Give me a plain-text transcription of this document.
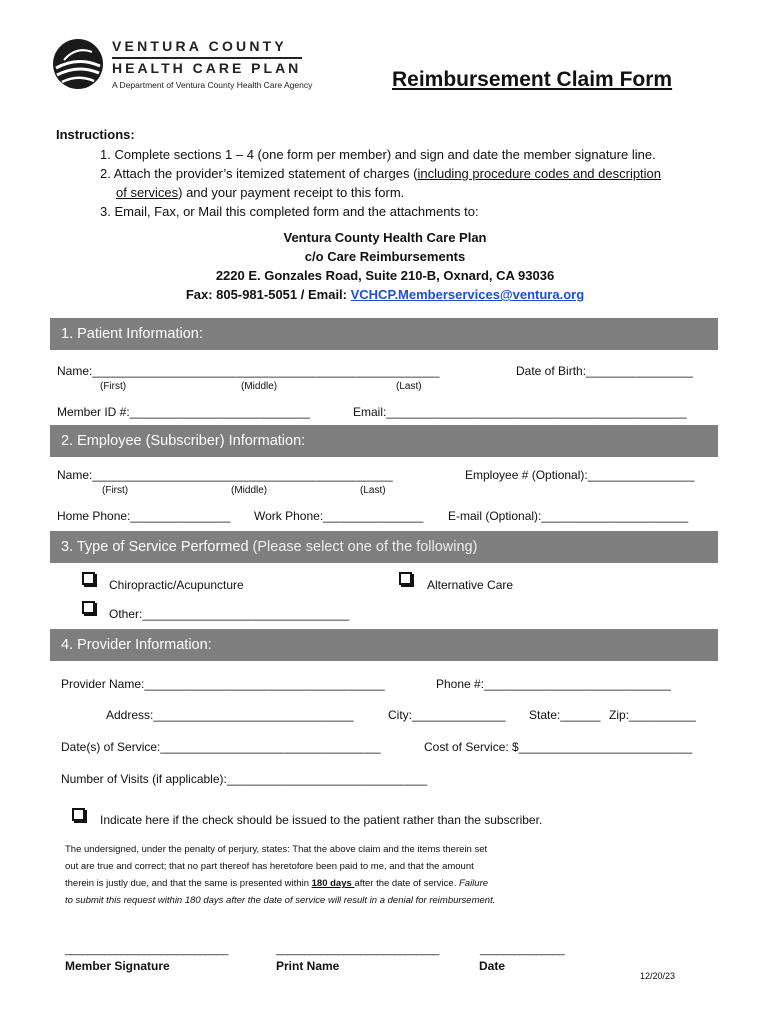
VENTURA COUNTY
HEALTH CARE PLAN
A Department of Ventura County Health Care Agency	Reimbursement Claim Form
Instructions:
1. Complete sections 1 – 4 (one form per member) and sign and date the member signature line.
2. Attach the provider’s itemized statement of charges (including procedure codes and description
of services) and your payment receipt to this form.
3. Email, Fax, or Mail this completed form and the attachments to:
Ventura County Health Care Plan
c/o Care Reimbursements
2220 E. Gonzales Road, Suite 210-B, Oxnard, CA 93036
Fax: 805-981-5051 / Email: VCHCP.Memberservices@ventura.org
1. Patient Information:
Name:____________________________________________________	Date of Birth:________________
(First)	(Middle)	(Last)
Member ID #:___________________________	Email:_____________________________________________
2. Employee (Subscriber) Information:
Name:_____________________________________________	Employee # (Optional):________________
(First)	(Middle)	(Last)
Home Phone:_______________ Work Phone:_______________ E-mail (Optional):______________________
3. Type of Service Performed (Please select one of the following)
Chiropractic/Acupuncture	Alternative Care
Other:_______________________________
4. Provider Information:
Provider Name:____________________________________	Phone #:____________________________
Address:______________________________	City:______________ State:______ Zip:__________
Date(s) of Service:_________________________________	Cost of Service: $__________________________
Number of Visits (if applicable):______________________________
Indicate here if the check should be issued to the patient rather than the subscriber.
The undersigned, under the penalty of perjury, states: That the above claim and the items therein set
out are true and correct; that no part thereof has heretofore been paid to me, and that the amount
therein is justly due, and that the same is presented within 180 days after the date of service. Failure
to submit this request within 180 days after the date of service will result in a denial for reimbursement.
_____________________________	_____________________________	_______________
Member Signature	Print Name	Date
12/20/23
